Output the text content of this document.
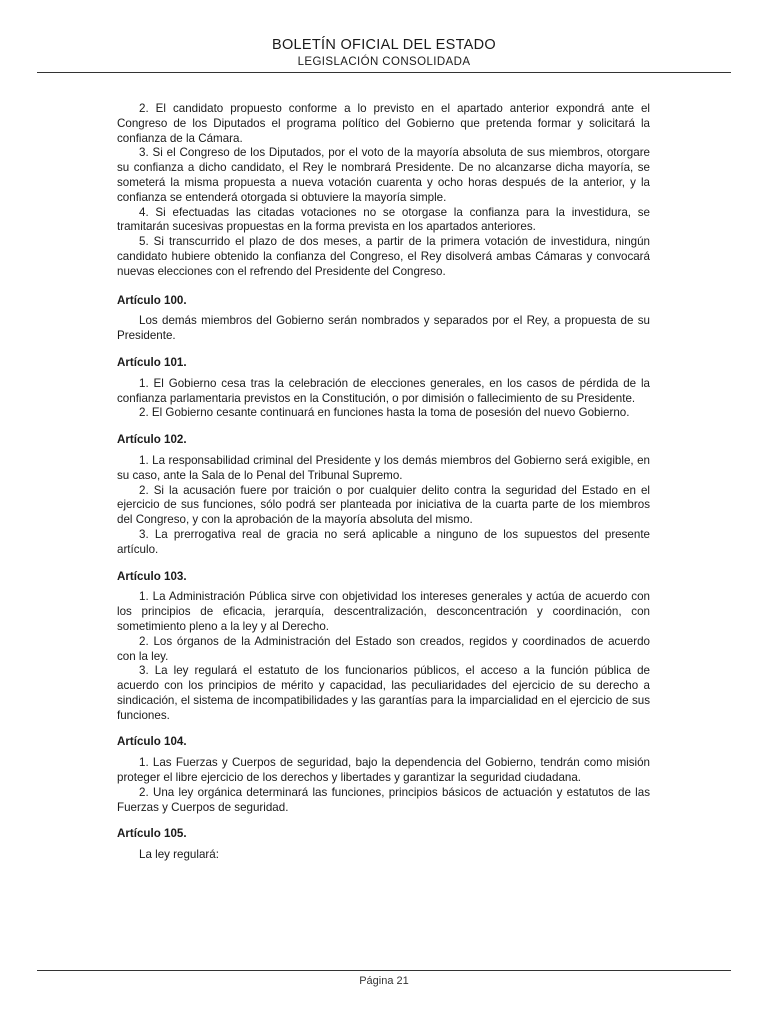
BOLETÍN OFICIAL DEL ESTADO
LEGISLACIÓN CONSOLIDADA

2. El candidato propuesto conforme a lo previsto en el apartado anterior expondrá ante el Congreso de los Diputados el programa político del Gobierno que pretenda formar y solicitará la confianza de la Cámara.

3. Si el Congreso de los Diputados, por el voto de la mayoría absoluta de sus miembros, otorgare su confianza a dicho candidato, el Rey le nombrará Presidente. De no alcanzarse dicha mayoría, se someterá la misma propuesta a nueva votación cuarenta y ocho horas después de la anterior, y la confianza se entenderá otorgada si obtuviere la mayoría simple.

4. Si efectuadas las citadas votaciones no se otorgase la confianza para la investidura, se tramitarán sucesivas propuestas en la forma prevista en los apartados anteriores.

5. Si transcurrido el plazo de dos meses, a partir de la primera votación de investidura, ningún candidato hubiere obtenido la confianza del Congreso, el Rey disolverá ambas Cámaras y convocará nuevas elecciones con el refrendo del Presidente del Congreso.

Artículo 100.

Los demás miembros del Gobierno serán nombrados y separados por el Rey, a propuesta de su Presidente.

Artículo 101.

1. El Gobierno cesa tras la celebración de elecciones generales, en los casos de pérdida de la confianza parlamentaria previstos en la Constitución, o por dimisión o fallecimiento de su Presidente.

2. El Gobierno cesante continuará en funciones hasta la toma de posesión del nuevo Gobierno.

Artículo 102.

1. La responsabilidad criminal del Presidente y los demás miembros del Gobierno será exigible, en su caso, ante la Sala de lo Penal del Tribunal Supremo.

2. Si la acusación fuere por traición o por cualquier delito contra la seguridad del Estado en el ejercicio de sus funciones, sólo podrá ser planteada por iniciativa de la cuarta parte de los miembros del Congreso, y con la aprobación de la mayoría absoluta del mismo.

3. La prerrogativa real de gracia no será aplicable a ninguno de los supuestos del presente artículo.

Artículo 103.

1. La Administración Pública sirve con objetividad los intereses generales y actúa de acuerdo con los principios de eficacia, jerarquía, descentralización, desconcentración y coordinación, con sometimiento pleno a la ley y al Derecho.

2. Los órganos de la Administración del Estado son creados, regidos y coordinados de acuerdo con la ley.

3. La ley regulará el estatuto de los funcionarios públicos, el acceso a la función pública de acuerdo con los principios de mérito y capacidad, las peculiaridades del ejercicio de su derecho a sindicación, el sistema de incompatibilidades y las garantías para la imparcialidad en el ejercicio de sus funciones.

Artículo 104.

1. Las Fuerzas y Cuerpos de seguridad, bajo la dependencia del Gobierno, tendrán como misión proteger el libre ejercicio de los derechos y libertades y garantizar la seguridad ciudadana.

2. Una ley orgánica determinará las funciones, principios básicos de actuación y estatutos de las Fuerzas y Cuerpos de seguridad.

Artículo 105.

La ley regulará:

Página 21
